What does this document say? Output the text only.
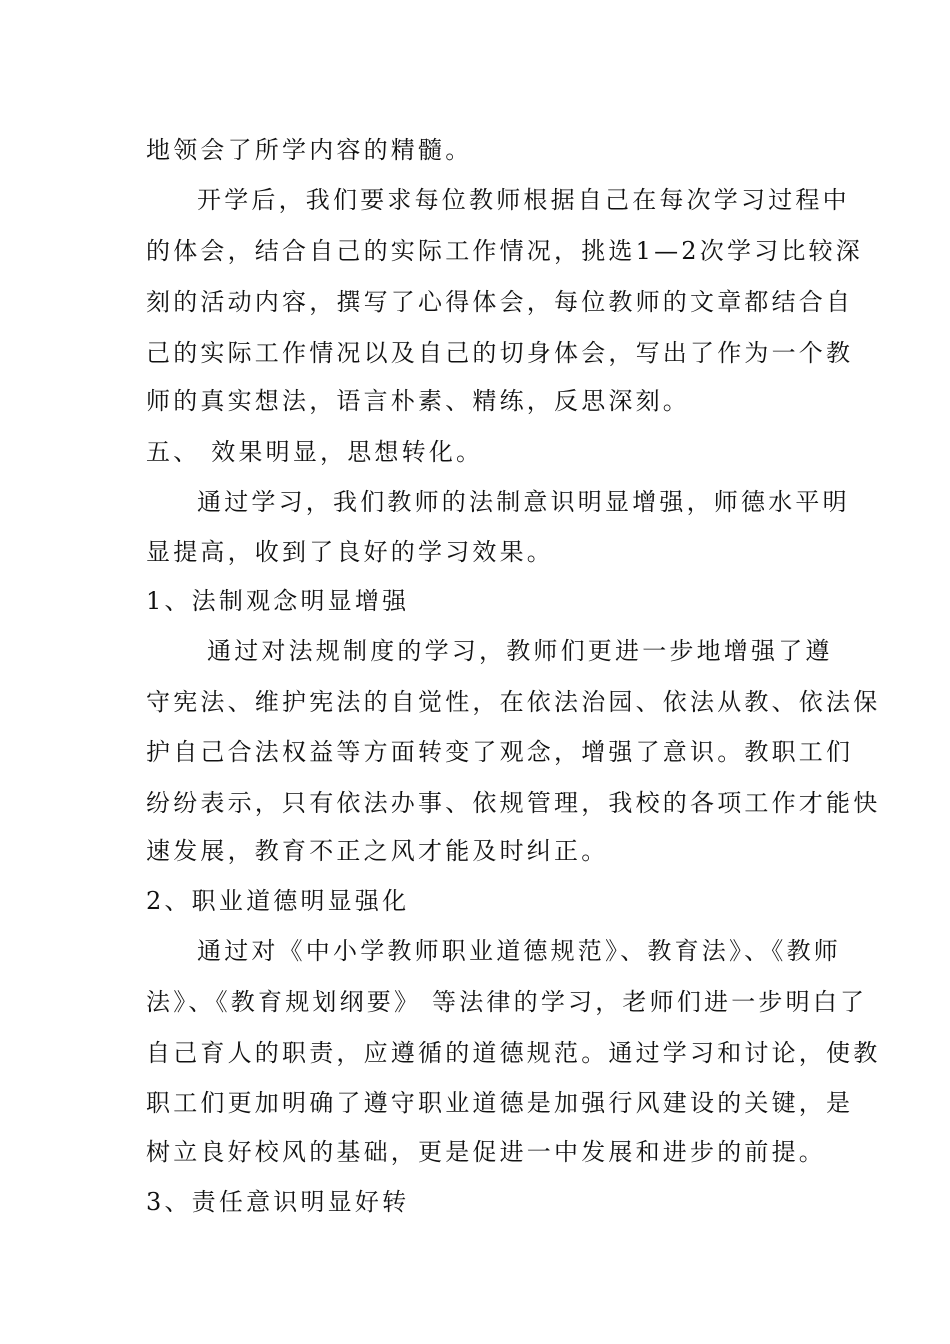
地领会了所学内容的精髓。
开学后，我们要求每位教师根据自己在每次学习过程中
的体会，结合自己的实际工作情况，挑选1—2次学习比较深
刻的活动内容，撰写了心得体会，每位教师的文章都结合自
己的实际工作情况以及自己的切身体会，写出了作为一个教
师的真实想法，语言朴素、精练，反思深刻。
五、 效果明显，思想转化。
通过学习，我们教师的法制意识明显增强，师德水平明
显提高，收到了良好的学习效果。
1、法制观念明显增强
通过对法规制度的学习，教师们更进一步地增强了遵
守宪法、维护宪法的自觉性，在依法治园、依法从教、依法保
护自己合法权益等方面转变了观念，增强了意识。教职工们
纷纷表示，只有依法办事、依规管理，我校的各项工作才能快
速发展，教育不正之风才能及时纠正。
2、职业道德明显强化
通过对《中小学教师职业道德规范》、教育法》、《教师
法》、《教育规划纲要》 等法律的学习，老师们进一步明白了
自己育人的职责，应遵循的道德规范。通过学习和讨论，使教
职工们更加明确了遵守职业道德是加强行风建设的关键，是
树立良好校风的基础，更是促进一中发展和进步的前提。
3、责任意识明显好转
